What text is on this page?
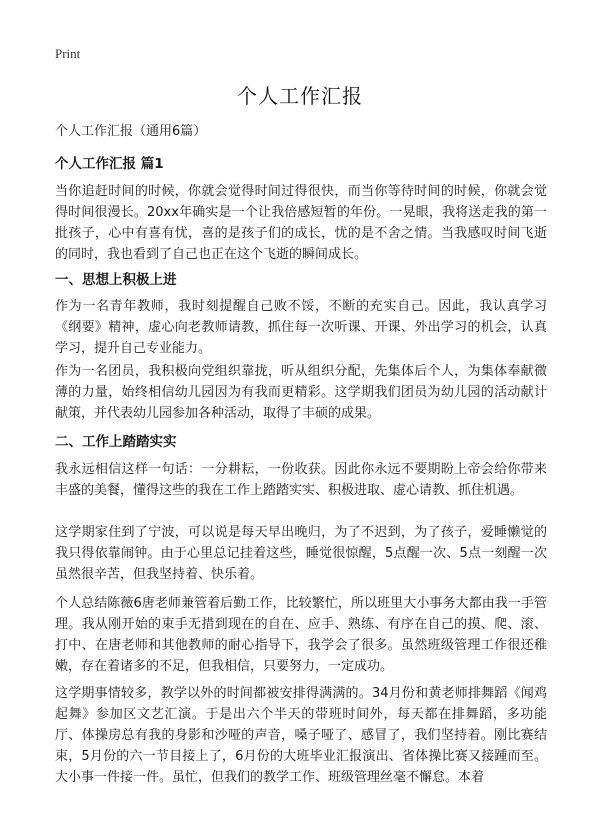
Print
个人工作汇报
个人工作汇报（通用6篇）
个人工作汇报 篇1

当你追赶时间的时候，你就会觉得时间过得很快，而当你等待时间的时候，你就会觉得时间很漫长。20xx年确实是一个让我倍感短暂的年份。一晃眼，我将送走我的第一批孩子，心中有喜有忧，喜的是孩子们的成长，忧的是不舍之情。当我感叹时间飞逝的同时，我也看到了自己也正在这个飞逝的瞬间成长。

一、思想上积极上进

作为一名青年教师，我时刻提醒自己败不馁，不断的充实自己。因此，我认真学习《纲要》精神，虚心向老教师请教，抓住每一次听课、开课、外出学习的机会，认真学习，提升自己专业能力。

作为一名团员，我积极向党组织靠拢，听从组织分配，先集体后个人，为集体奉献微薄的力量，始终相信幼儿园因为有我而更精彩。这学期我们团员为幼儿园的活动献计献策，并代表幼儿园参加各种活动，取得了丰硕的成果。

二、工作上踏踏实实

我永远相信这样一句话：一分耕耘，一份收获。因此你永远不要期盼上帝会给你带来丰盛的美餐，懂得这些的我在工作上踏踏实实、积极进取、虚心请教、抓住机遇。

这学期家住到了宁波，可以说是每天早出晚归，为了不迟到，为了孩子，爱睡懒觉的我只得依靠闹钟。由于心里总记挂着这些，睡觉很惊醒，5点醒一次、5点一刻醒一次虽然很辛苦，但我坚持着、快乐着。

个人总结陈薇6唐老师兼管着后勤工作，比较繁忙，所以班里大小事务大都由我一手管理。我从刚开始的束手无措到现在的自在、应手、熟练、有序在自己的摸、爬、滚、打中、在唐老师和其他教师的耐心指导下，我学会了很多。虽然班级管理工作很还稚嫩，存在着诸多的不足，但我相信，只要努力，一定成功。

这学期事情较多，教学以外的时间都被安排得满满的。34月份和黄老师排舞蹈《闻鸡起舞》参加区文艺汇演。于是出六个半天的带班时间外，每天都在排舞蹈，多功能厅、体操房总有我的身影和沙哑的声音，嗓子哑了、感冒了，我们坚持着。刚比赛结束，5月份的六一节目接上了，6月份的大班毕业汇报演出、省体操比赛又接踵而至。大小事一件接一件。虽忙，但我们的教学工作、班级管理丝毫不懈怠。本着
